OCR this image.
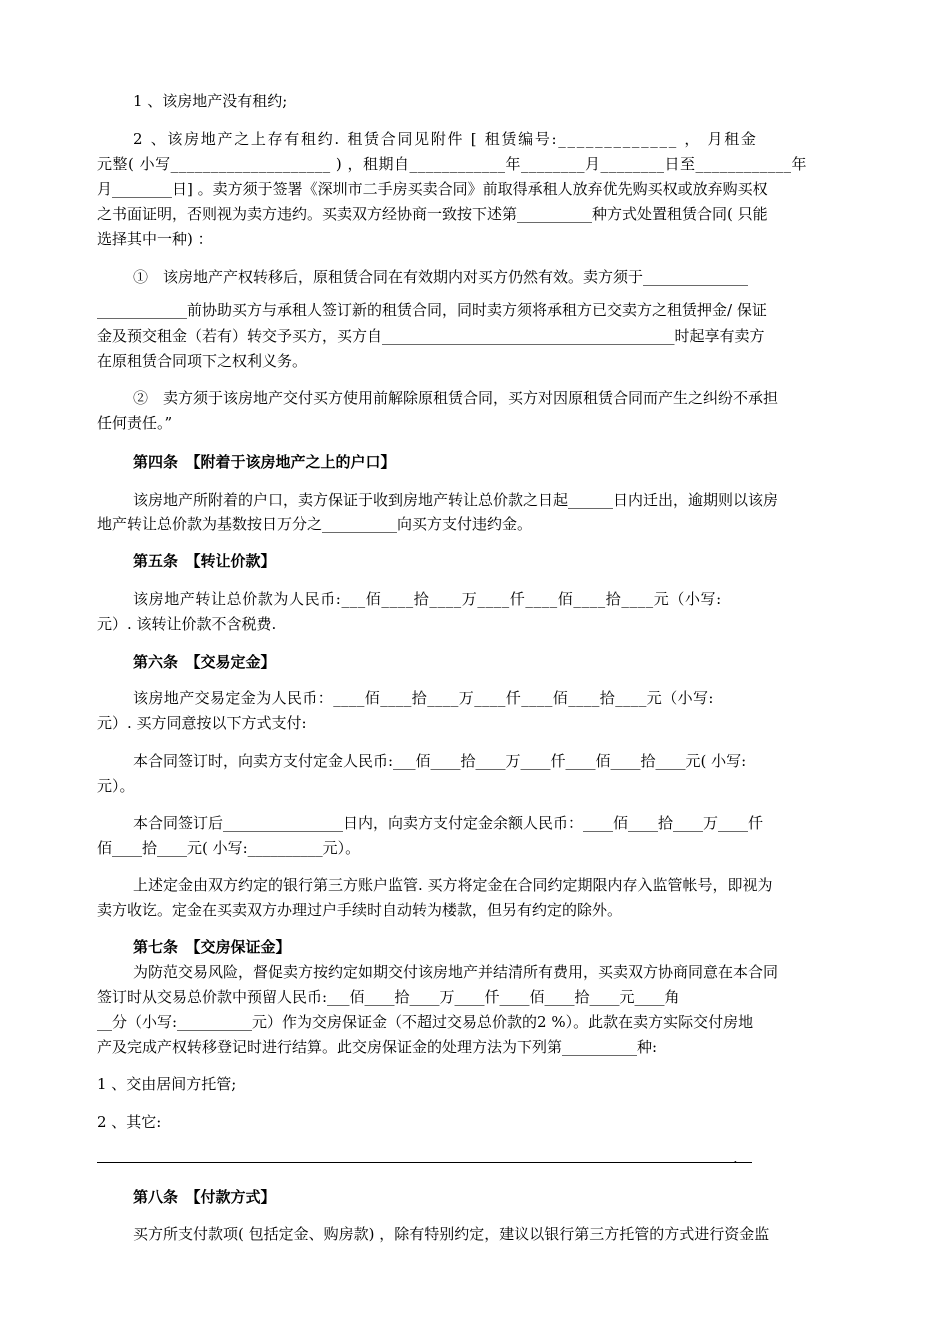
1 、该房地产没有租约;
2 、该房地产之上存有租约. 租赁合同见附件 [ 租赁编号:_____________ ， 月租金
元整( 小写____________________ ) ，租期自____________年________月________日至____________年
月________日] 。卖方须于签署《深圳市二手房买卖合同》前取得承租人放弃优先购买权或放弃购买权
之书面证明，否则视为卖方违约。买卖双方经协商一致按下述第__________种方式处置租赁合同( 只能
选择其中一种) ：
①　该房地产产权转移后，原租赁合同在有效期内对买方仍然有效。卖方须于______________
____________前协助买方与承租人签订新的租赁合同，同时卖方须将承租方已交卖方之租赁押金/ 保证
金及预交租金（若有）转交予买方，买方自_______________________________________时起享有卖方
在原租赁合同项下之权利义务。
②　卖方须于该房地产交付买方使用前解除原租赁合同，买方对因原租赁合同而产生之纠纷不承担
任何责任。”
第四条　【附着于该房地产之上的户口】
该房地产所附着的户口，卖方保证于收到房地产转让总价款之日起______日内迁出，逾期则以该房
地产转让总价款为基数按日万分之__________向买方支付违约金。
第五条　【转让价款】
该房地产转让总价款为人民币:___佰____拾____万____仟____佰____拾____元（小写:
元）. 该转让价款不含税费.
第六条　【交易定金】
该房地产交易定金为人民币：____佰____拾____万____仟____佰____拾____元（小写:
元）. 买方同意按以下方式支付:
本合同签订时，向卖方支付定金人民币:___佰____拾____万____仟____佰____拾____元( 小写:
元）。
本合同签订后________________日内，向卖方支付定金余额人民币：____佰____拾____万____仟
佰____拾____元( 小写:__________元）。
上述定金由双方约定的银行第三方账户监管. 买方将定金在合同约定期限内存入监管帐号，即视为
卖方收讫。定金在买卖双方办理过户手续时自动转为楼款，但另有约定的除外。
第七条　【交房保证金】
为防范交易风险，督促卖方按约定如期交付该房地产并结清所有费用，买卖双方协商同意在本合同
签订时从交易总价款中预留人民币:___佰____拾____万____仟____佰____拾____元____角
__分（小写:__________元）作为交房保证金（不超过交易总价款的2 %）。此款在卖方实际交付房地
产及完成产权转移登记时进行结算。此交房保证金的处理方法为下列第__________种:
1 、交由居间方托管;
2 、其它:
.
第八条　【付款方式】
买方所支付款项( 包括定金、购房款) ，除有特别约定，建议以银行第三方托管的方式进行资金监
